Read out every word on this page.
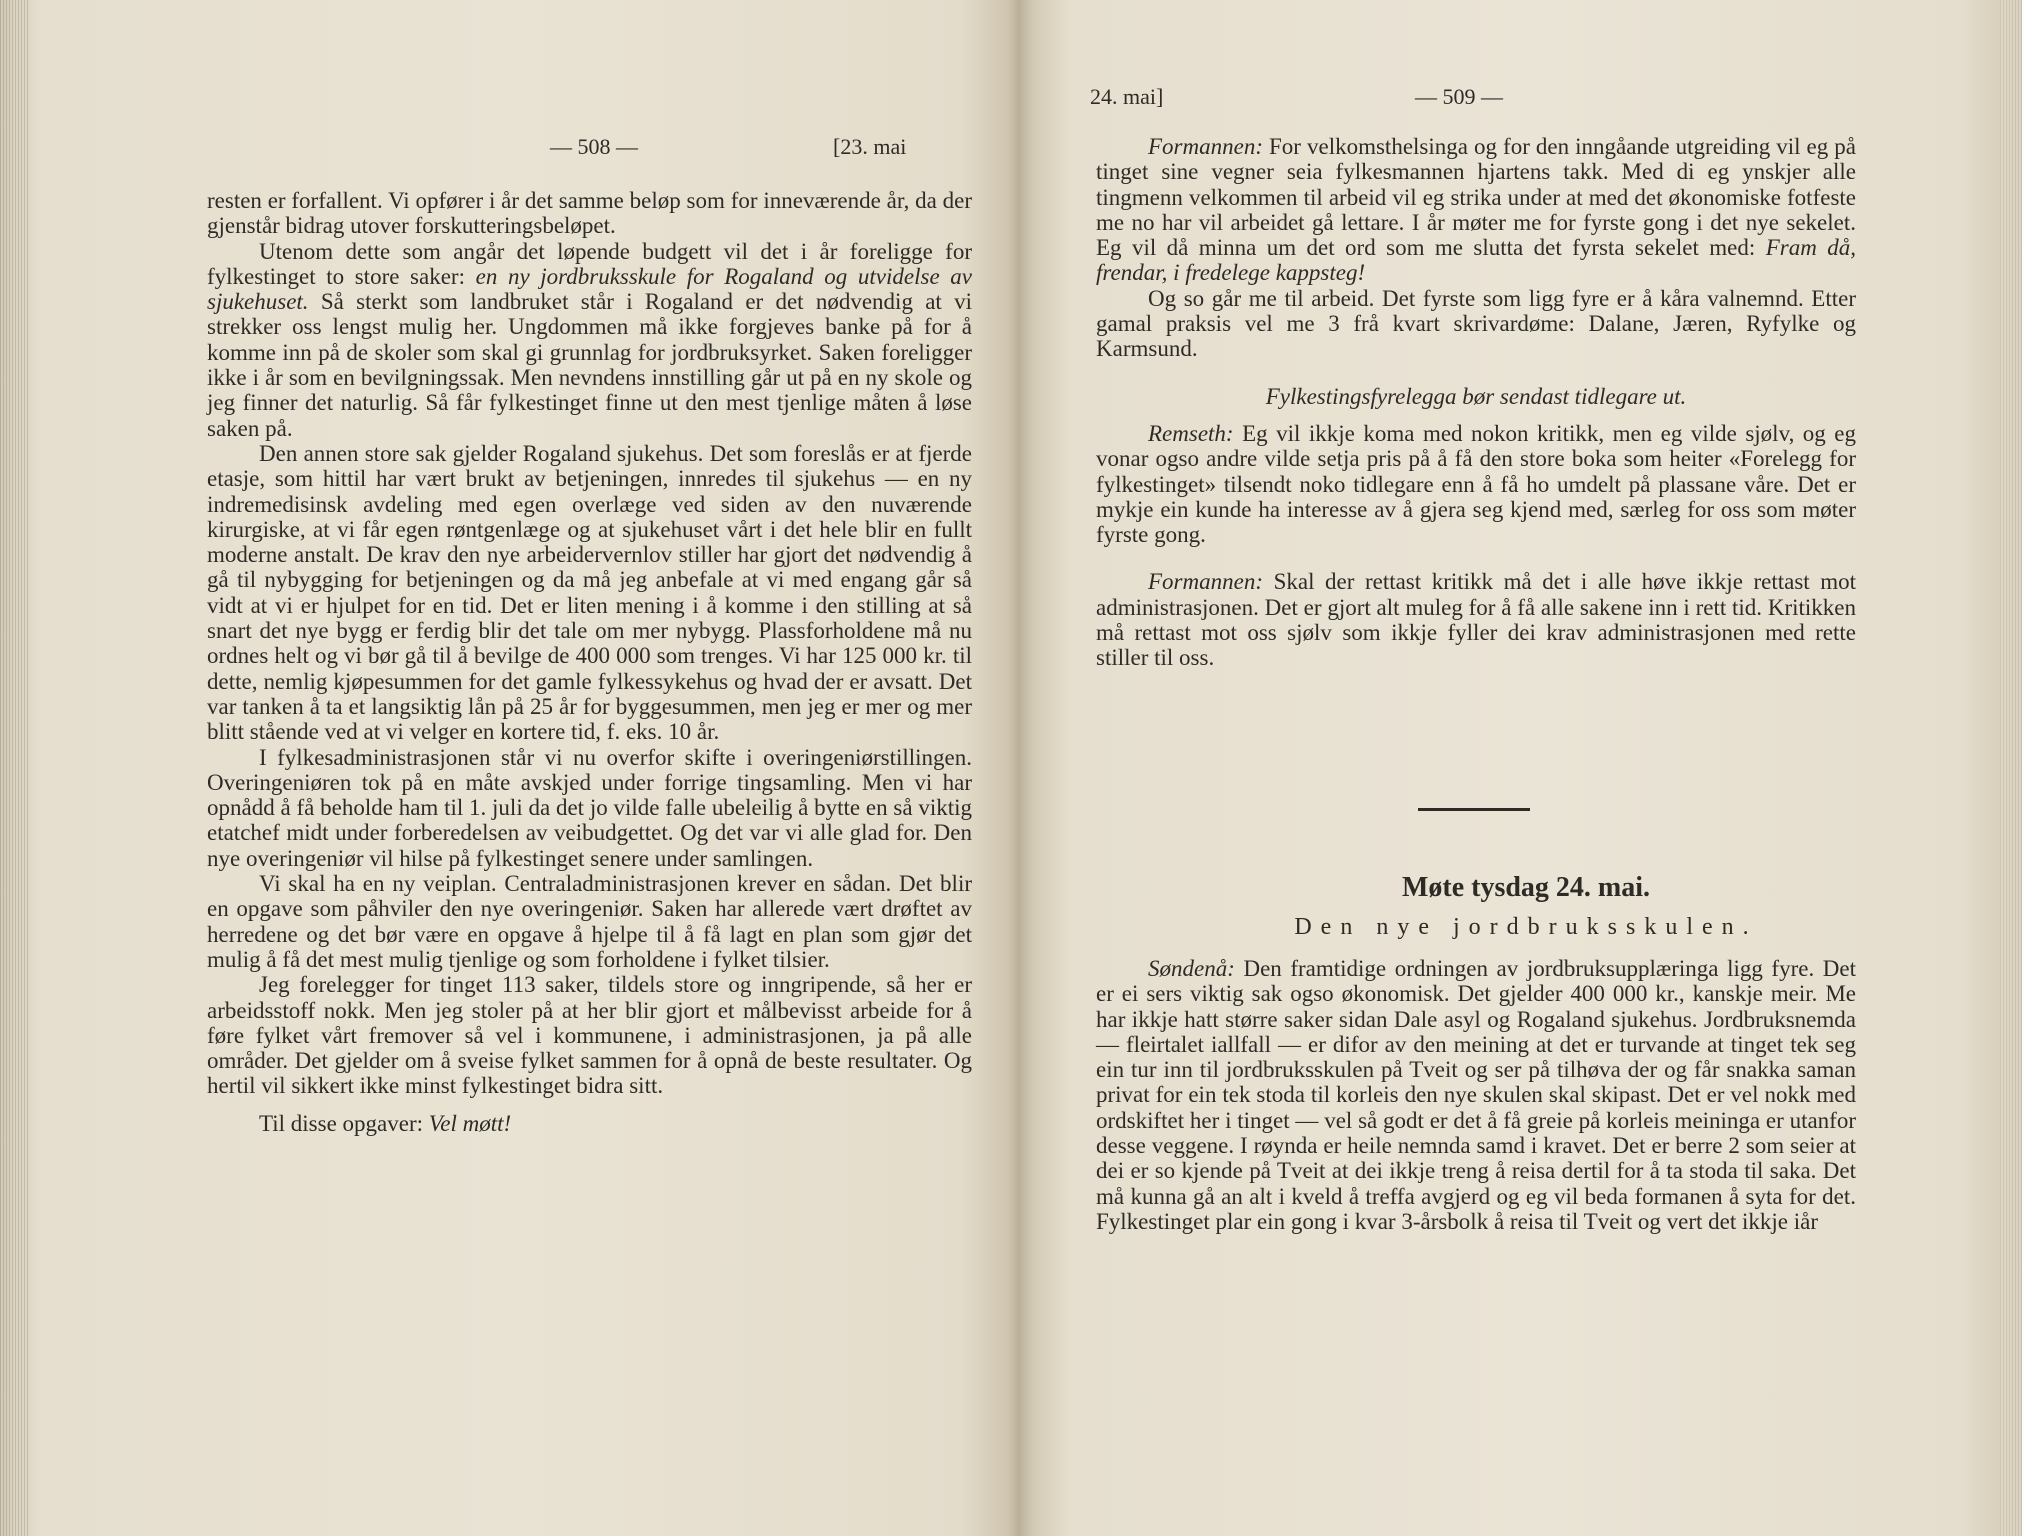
— 508 —	[23. mai

resten er forfallent. Vi opfører i år det samme beløp som for inneværende år, da der gjenstår bidrag utover forskutteringsbeløpet.

Utenom dette som angår det løpende budgett vil det i år foreligge for fylkestinget to store saker: en ny jordbruksskule for Rogaland og utvidelse av sjukehuset. Så sterkt som landbruket står i Rogaland er det nødvendig at vi strekker oss lengst mulig her. Ungdommen må ikke forgjeves banke på for å komme inn på de skoler som skal gi grunnlag for jordbruksyrket. Saken foreligger ikke i år som en bevilgningssak. Men nevndens innstilling går ut på en ny skole og jeg finner det naturlig. Så får fylkestinget finne ut den mest tjenlige måten å løse saken på.

Den annen store sak gjelder Rogaland sjukehus. Det som foreslås er at fjerde etasje, som hittil har vært brukt av betjeningen, innredes til sjukehus — en ny indremedisinsk avdeling med egen overlæge ved siden av den nuværende kirurgiske, at vi får egen røntgenlæge og at sjukehuset vårt i det hele blir en fullt moderne anstalt. De krav den nye arbeidervernlov stiller har gjort det nødvendig å gå til nybygging for betjeningen og da må jeg anbefale at vi med engang går så vidt at vi er hjulpet for en tid. Det er liten mening i å komme i den stilling at så snart det nye bygg er ferdig blir det tale om mer nybygg. Plassforholdene må nu ordnes helt og vi bør gå til å bevilge de 400 000 som trenges. Vi har 125 000 kr. til dette, nemlig kjøpesummen for det gamle fylkessykehus og hvad der er avsatt. Det var tanken å ta et langsiktig lån på 25 år for byggesummen, men jeg er mer og mer blitt stående ved at vi velger en kortere tid, f. eks. 10 år.

I fylkesadministrasjonen står vi nu overfor skifte i overingeniørstillingen. Overingeniøren tok på en måte avskjed under forrige tingsamling. Men vi har opnådd å få beholde ham til 1. juli da det jo vilde falle ubeleilig å bytte en så viktig etatchef midt under forberedelsen av veibudgettet. Og det var vi alle glad for. Den nye overingeniør vil hilse på fylkestinget senere under samlingen.

Vi skal ha en ny veiplan. Centraladministrasjonen krever en sådan. Det blir en opgave som påhviler den nye overingeniør. Saken har allerede vært drøftet av herredene og det bør være en opgave å hjelpe til å få lagt en plan som gjør det mulig å få det mest mulig tjenlige og som forholdene i fylket tilsier.

Jeg forelegger for tinget 113 saker, tildels store og inngripende, så her er arbeidsstoff nokk. Men jeg stoler på at her blir gjort et målbevisst arbeide for å føre fylket vårt fremover så vel i kommunene, i administrasjonen, ja på alle områder. Det gjelder om å sveise fylket sammen for å opnå de beste resultater. Og hertil vil sikkert ikke minst fylkestinget bidra sitt.

Til disse opgaver: Vel møtt!

24. mai]	— 509 —

Formannen: For velkomsthelsinga og for den inngåande utgreiding vil eg på tinget sine vegner seia fylkesmannen hjartens takk. Med di eg ynskjer alle tingmenn velkommen til arbeid vil eg strika under at med det økonomiske fotfeste me no har vil arbeidet gå lettare. I år møter me for fyrste gong i det nye sekelet. Eg vil då minna um det ord som me slutta det fyrsta sekelet med: Fram då, frendar, i fredelege kappsteg!

Og so går me til arbeid. Det fyrste som ligg fyre er å kåra valnemnd. Etter gamal praksis vel me 3 frå kvart skrivardøme: Dalane, Jæren, Ryfylke og Karmsund.

Fylkestingsfyrelegga bør sendast tidlegare ut.

Remseth: Eg vil ikkje koma med nokon kritikk, men eg vilde sjølv, og eg vonar ogso andre vilde setja pris på å få den store boka som heiter «Forelegg for fylkestinget» tilsendt noko tidlegare enn å få ho umdelt på plassane våre. Det er mykje ein kunde ha interesse av å gjera seg kjend med, særleg for oss som møter fyrste gong.

Formannen: Skal der rettast kritikk må det i alle høve ikkje rettast mot administrasjonen. Det er gjort alt muleg for å få alle sakene inn i rett tid. Kritikken må rettast mot oss sjølv som ikkje fyller dei krav administrasjonen med rette stiller til oss.

Møte tysdag 24. mai.
Den nye jordbruksskulen.

Søndenå: Den framtidige ordningen av jordbruksupplæringa ligg fyre. Det er ei sers viktig sak ogso økonomisk. Det gjelder 400 000 kr., kanskje meir. Me har ikkje hatt større saker sidan Dale asyl og Rogaland sjukehus. Jordbruksnemda — fleirtalet iallfall — er difor av den meining at det er turvande at tinget tek seg ein tur inn til jordbruksskulen på Tveit og ser på tilhøva der og får snakka saman privat for ein tek stoda til korleis den nye skulen skal skipast. Det er vel nokk med ordskiftet her i tinget — vel så godt er det å få greie på korleis meininga er utanfor desse veggene. I røynda er heile nemnda samd i kravet. Det er berre 2 som seier at dei er so kjende på Tveit at dei ikkje treng å reisa dertil for å ta stoda til saka. Det må kunna gå an alt i kveld å treffa avgjerd og eg vil beda formanen å syta for det. Fylkestinget plar ein gong i kvar 3-årsbolk å reisa til Tveit og vert det ikkje iår
